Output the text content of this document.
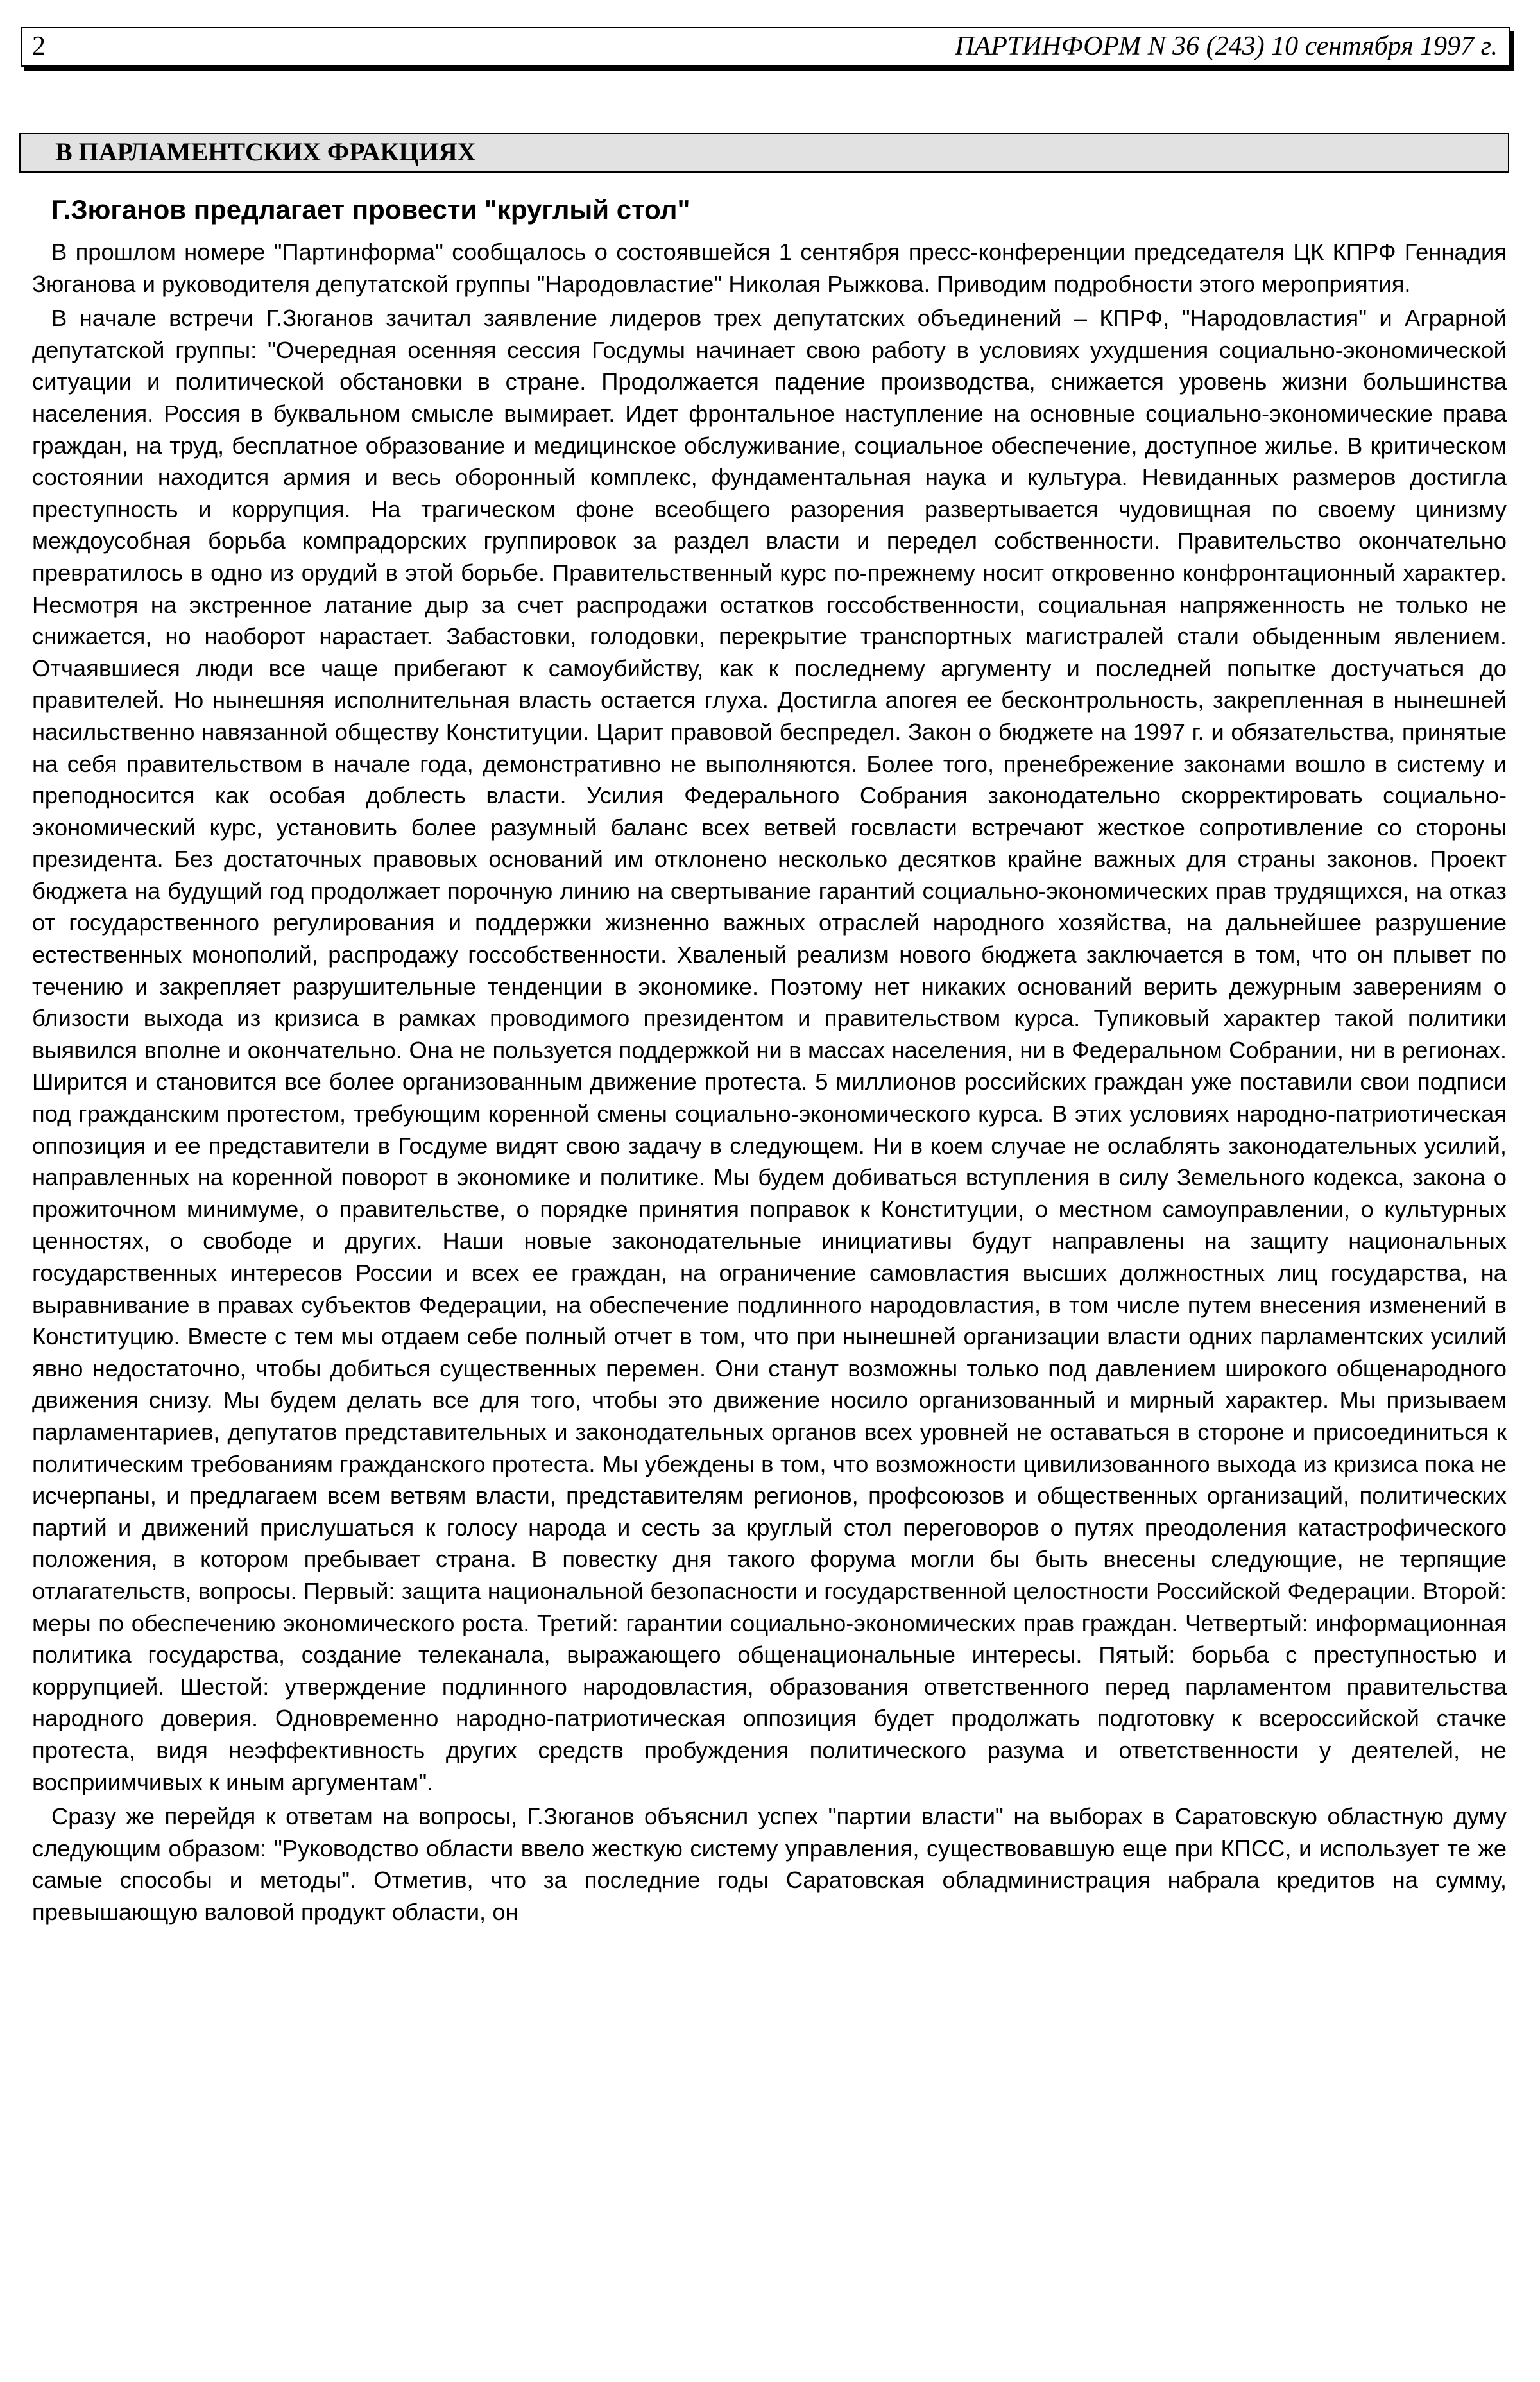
2	ПАРТИНФОРМ N 36 (243) 10 сентября 1997 г.
В ПАРЛАМЕНТСКИХ ФРАКЦИЯХ
Г.Зюганов предлагает провести "круглый стол"

В прошлом номере "Партинформа" сообщалось о состоявшейся 1 сентября пресс-конференции председателя ЦК КПРФ Геннадия Зюганова и руководителя депутатской группы "Народовластие" Николая Рыжкова. Приводим подробности этого мероприятия.

В начале встречи Г.Зюганов зачитал заявление лидеров трех депутатских объединений – КПРФ, "Народовластия" и Аграрной депутатской группы: "Очередная осенняя сессия Госдумы начинает свою работу в условиях ухудшения социально-экономической ситуации и политической обстановки в стране. Продолжается падение производства, снижается уровень жизни большинства населения. Россия в буквальном смысле вымирает. Идет фронтальное наступление на основные социально-экономические права граждан, на труд, бесплатное образование и медицинское обслуживание, социальное обеспечение, доступное жилье. В критическом состоянии находится армия и весь оборонный комплекс, фундаментальная наука и культура. Невиданных размеров достигла преступность и коррупция. На трагическом фоне всеобщего разорения развертывается чудовищная по своему цинизму междоусобная борьба компрадорских группировок за раздел власти и передел собственности. Правительство окончательно превратилось в одно из орудий в этой борьбе. Правительственный курс по-прежнему носит откровенно конфронтационный характер. Несмотря на экстренное латание дыр за счет распродажи остатков госсобственности, социальная напряженность не только не снижается, но наоборот нарастает. Забастовки, голодовки, перекрытие транспортных магистралей стали обыденным явлением. Отчаявшиеся люди все чаще прибегают к самоубийству, как к последнему аргументу и последней попытке достучаться до правителей. Но нынешняя исполнительная власть остается глуха. Достигла апогея ее бесконтрольность, закрепленная в нынешней насильственно навязанной обществу Конституции. Царит правовой беспредел. Закон о бюджете на 1997 г. и обязательства, принятые на себя правительством в начале года, демонстративно не выполняются. Более того, пренебрежение законами вошло в систему и преподносится как особая доблесть власти. Усилия Федерального Собрания законодательно скорректировать социально-экономический курс, установить более разумный баланс всех ветвей госвласти встречают жесткое сопротивление со стороны президента. Без достаточных правовых оснований им отклонено несколько десятков крайне важных для страны законов. Проект бюджета на будущий год продолжает порочную линию на свертывание гарантий социально-экономических прав трудящихся, на отказ от государственного регулирования и поддержки жизненно важных отраслей народного хозяйства, на дальнейшее разрушение естественных монополий, распродажу госсобственности. Хваленый реализм нового бюджета заключается в том, что он плывет по течению и закрепляет разрушительные тенденции в экономике. Поэтому нет никаких оснований верить дежурным заверениям о близости выхода из кризиса в рамках проводимого президентом и правительством курса. Тупиковый характер такой политики выявился вполне и окончательно. Она не пользуется поддержкой ни в массах населения, ни в Федеральном Собрании, ни в регионах. Ширится и становится все более организованным движение протеста. 5 миллионов российских граждан уже поставили свои подписи под гражданским протестом, требующим коренной смены социально-экономического курса. В этих условиях народно-патриотическая оппозиция и ее представители в Госдуме видят свою задачу в следующем. Ни в коем случае не ослаблять законодательных усилий, направленных на коренной поворот в экономике и политике. Мы будем добиваться вступления в силу Земельного кодекса, закона о прожиточном минимуме, о правительстве, о порядке принятия поправок к Конституции, о местном самоуправлении, о культурных ценностях, о свободе и других. Наши новые законодательные инициативы будут направлены на защиту национальных государственных интересов России и всех ее граждан, на ограничение самовластия высших должностных лиц государства, на выравнивание в правах субъектов Федерации, на обеспечение подлинного народовластия, в том числе путем внесения изменений в Конституцию. Вместе с тем мы отдаем себе полный отчет в том, что при нынешней организации власти одних парламентских усилий явно недостаточно, чтобы добиться существенных перемен. Они станут возможны только под давлением широкого общенародного движения снизу. Мы будем делать все для того, чтобы это движение носило организованный и мирный характер. Мы призываем парламентариев, депутатов представительных и законодательных органов всех уровней не оставаться в стороне и присоединиться к политическим требованиям гражданского протеста. Мы убеждены в том, что возможности цивилизованного выхода из кризиса пока не исчерпаны, и предлагаем всем ветвям власти, представителям регионов, профсоюзов и общественных организаций, политических партий и движений прислушаться к голосу народа и сесть за круглый стол переговоров о путях преодоления катастрофического положения, в котором пребывает страна. В повестку дня такого форума могли бы быть внесены следующие, не терпящие отлагательств, вопросы. Первый: защита национальной безопасности и государственной целостности Российской Федерации. Второй: меры по обеспечению экономического роста. Третий: гарантии социально-экономических прав граждан. Четвертый: информационная политика государства, создание телеканала, выражающего общенациональные интересы. Пятый: борьба с преступностью и коррупцией. Шестой: утверждение подлинного народовластия, образования ответственного перед парламентом правительства народного доверия. Одновременно народно-патриотическая оппозиция будет продолжать подготовку к всероссийской стачке протеста, видя неэффективность других средств пробуждения политического разума и ответственности у деятелей, не восприимчивых к иным аргументам".

Сразу же перейдя к ответам на вопросы, Г.Зюганов объяснил успех "партии власти" на выборах в Саратовскую областную думу следующим образом: "Руководство области ввело жесткую систему управления, существовавшую еще при КПСС, и использует те же самые способы и методы". Отметив, что за последние годы Саратовская обладминистрация набрала кредитов на сумму, превышающую валовой продукт области, он
